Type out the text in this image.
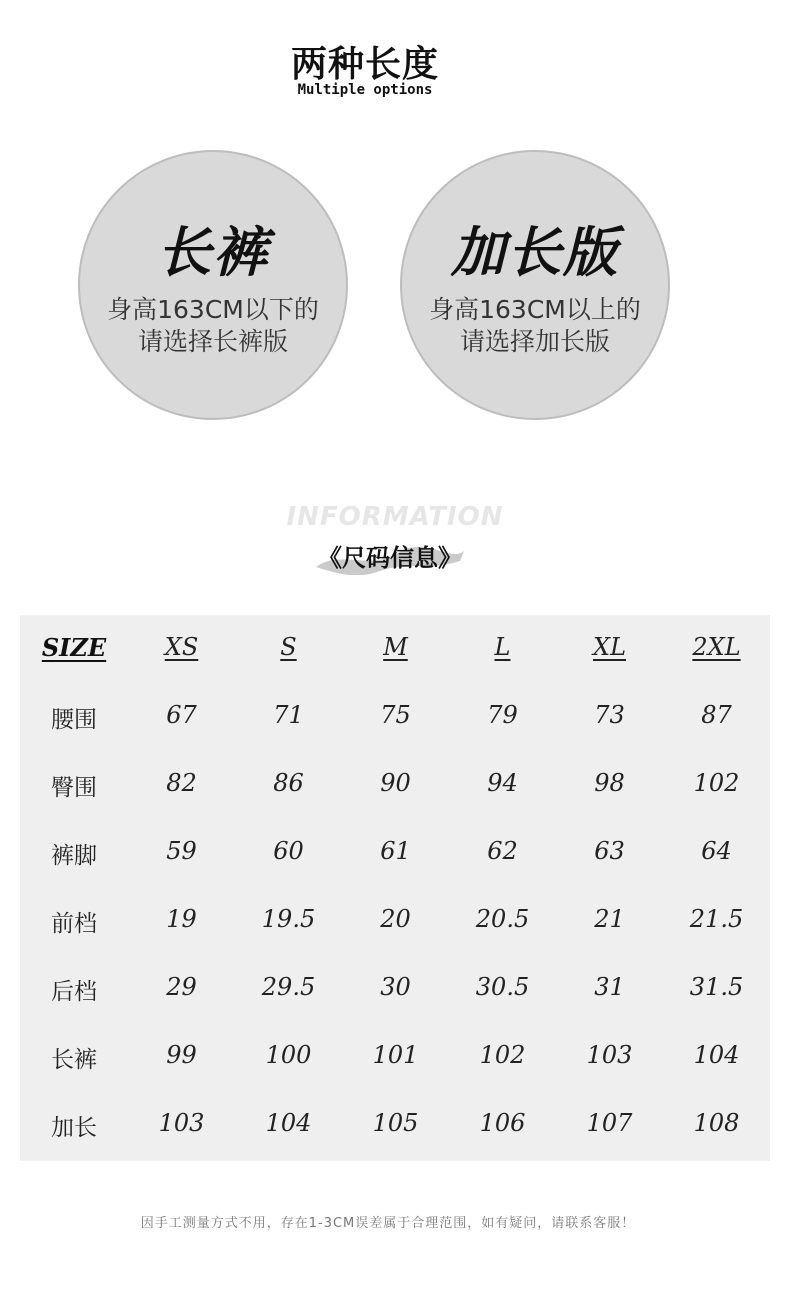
两种长度
Multiple options
长裤
身高163CM以下的
请选择长裤版
加长版
身高163CM以上的
请选择加长版
INFORMATION
《尺码信息》
SIZE	XS	S	M	L	XL	2XL
腰围	67	71	75	79	73	87
臀围	82	86	90	94	98	102
裤脚	59	60	61	62	63	64
前档	19	19.5	20	20.5	21	21.5
后档	29	29.5	30	30.5	31	31.5
长裤	99	100	101	102	103	104
加长	103	104	105	106	107	108
因手工测量方式不用，存在1-3CM误差属于合理范围，如有疑问，请联系客服！
